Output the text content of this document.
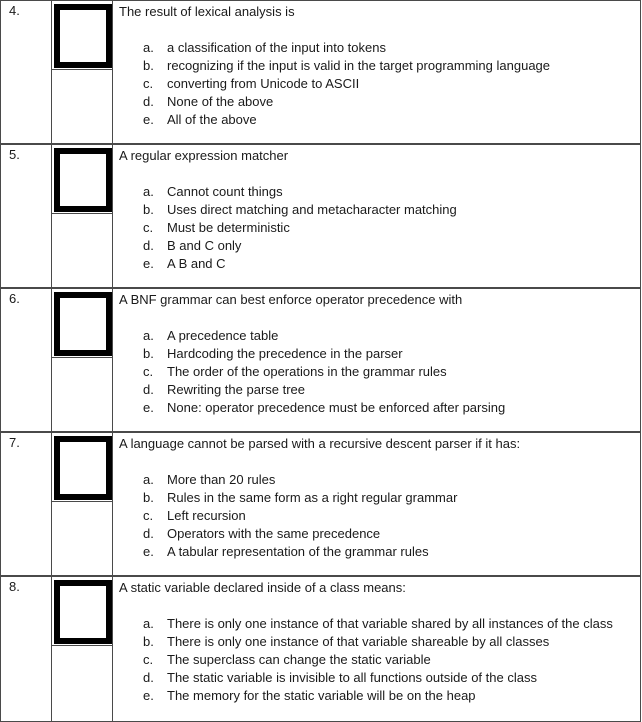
4.	The result of lexical analysis is
a. a classification of the input into tokens
b. recognizing if the input is valid in the target programming language
c. converting from Unicode to ASCII
d. None of the above
e. All of the above
5.	A regular expression matcher
a. Cannot count things
b. Uses direct matching and metacharacter matching
c. Must be deterministic
d. B and C only
e. A B and C
6.	A BNF grammar can best enforce operator precedence with
a. A precedence table
b. Hardcoding the precedence in the parser
c. The order of the operations in the grammar rules
d. Rewriting the parse tree
e. None: operator precedence must be enforced after parsing
7.	A language cannot be parsed with a recursive descent parser if it has:
a. More than 20 rules
b. Rules in the same form as a right regular grammar
c. Left recursion
d. Operators with the same precedence
e. A tabular representation of the grammar rules
8.	A static variable declared inside of a class means:
a. There is only one instance of that variable shared by all instances of the class
b. There is only one instance of that variable shareable by all classes
c. The superclass can change the static variable
d. The static variable is invisible to all functions outside of the class
e. The memory for the static variable will be on the heap
